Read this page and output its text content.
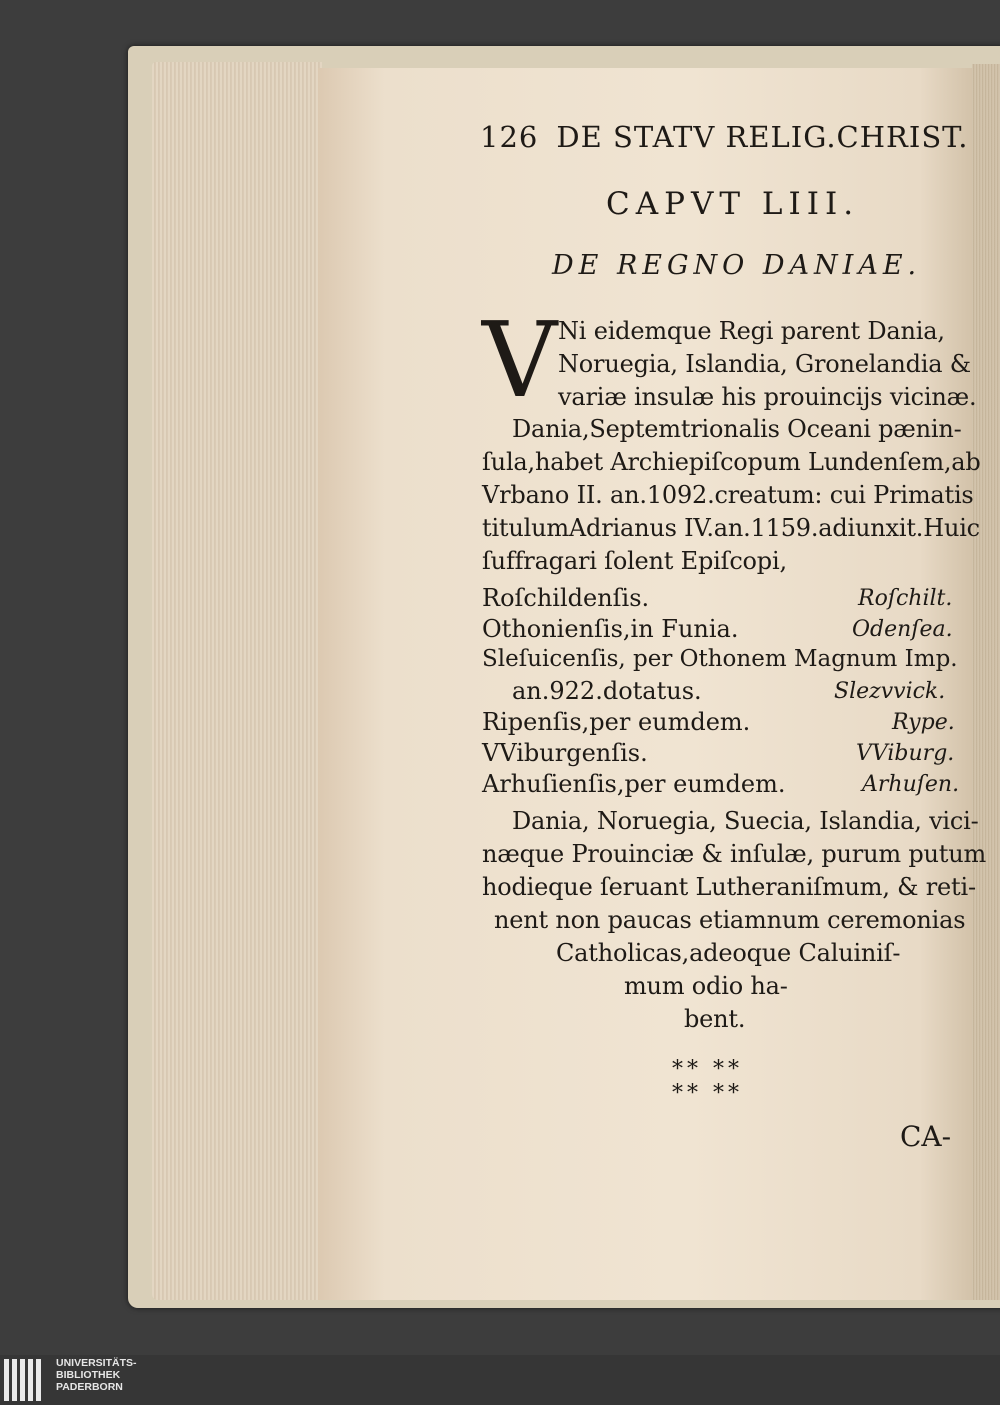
126 DE STATV RELIG.CHRIST.
CAPVT LIII.
DE REGNO DANIAE.
V Ni eidemque Regi parent Dania,
Noruegia, Islandia, Gronelandia &
variæ insulæ his prouincijs vicinæ.
Dania,Septemtrionalis Oceani pænin-
ſula,habet Archiepiſcopum Lundenſem,ab
Vrbano II. an.1092.creatum: cui Primatis
titulumAdrianus IV.an.1159.adiunxit.Huic
ſuffragari ſolent Epiſcopi,
Roſchildenſis.	Roſchilt.
Othonienſis,in Funia.	Odenſea.
Sleſuicenſis, per Othonem Magnum Imp.
an.922.dotatus.	Slezvvick.
Ripenſis,per eumdem.	Rype.
VViburgenſis.	VViburg.
Arhuſienſis,per eumdem.	Arhuſen.
Dania, Noruegia, Suecia, Islandia, vici-
næque Prouinciæ & inſulæ, purum putum
hodieque ſeruant Lutheraniſmum, & reti-
nent non paucas etiamnum ceremonias
Catholicas,adeoque Caluiniſ-
mum odio ha-
bent.
** **
** **
CA-
UNIVERSITÄTS-
BIBLIOTHEK
PADERBORN
